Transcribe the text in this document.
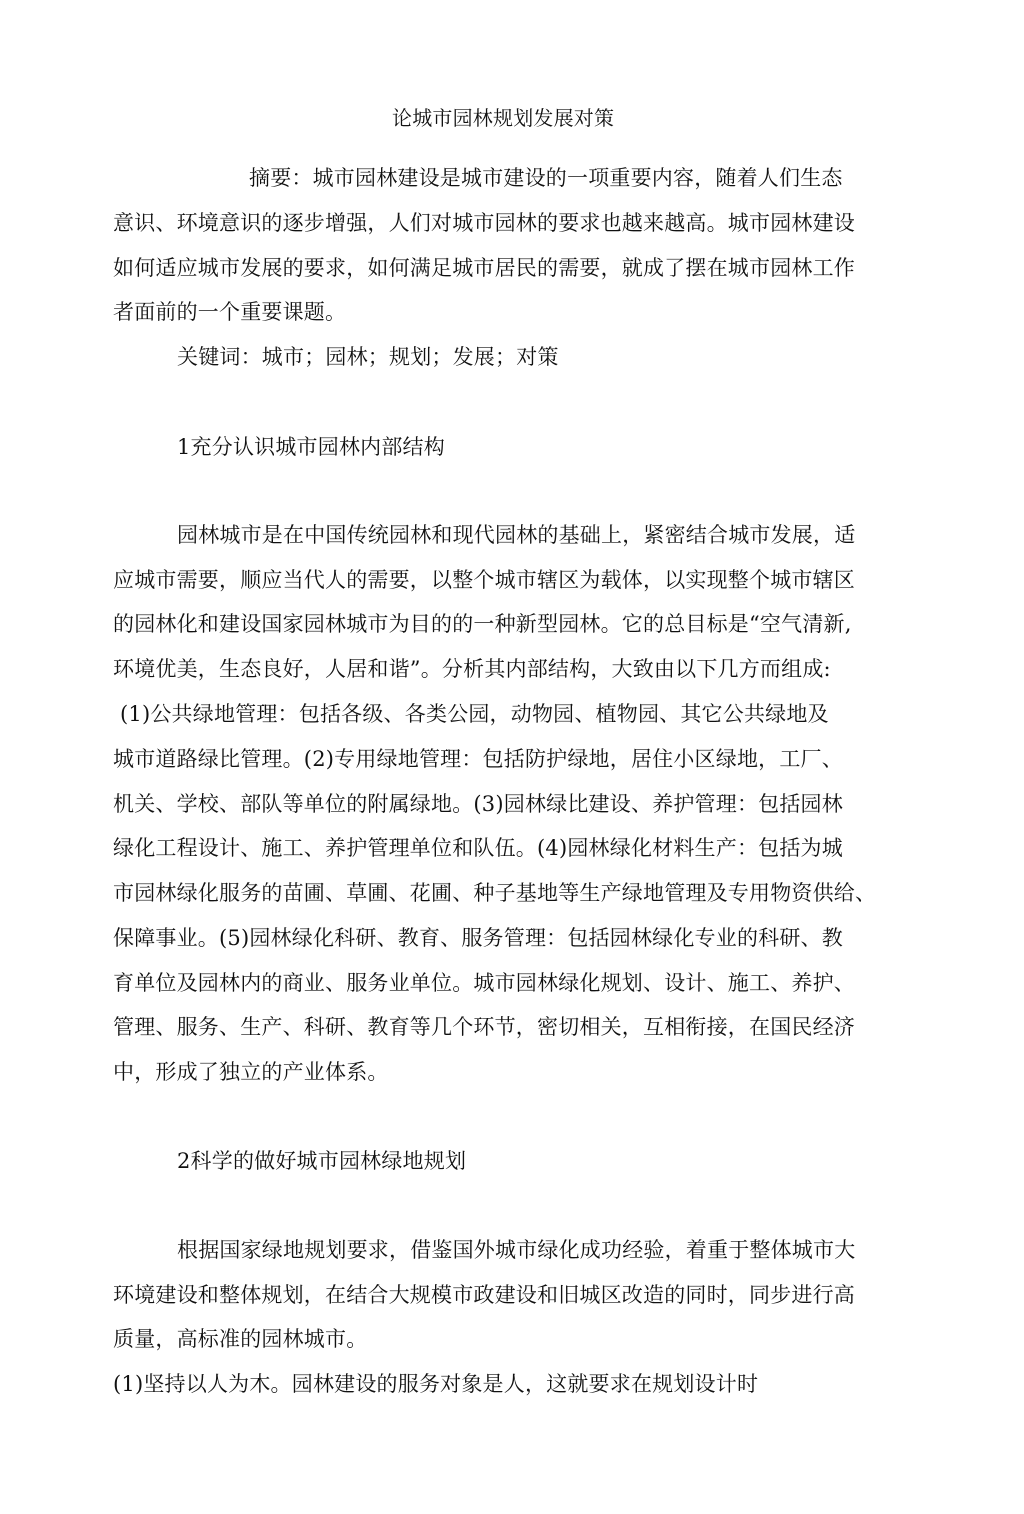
论城市园林规划发展对策
摘要：城市园林建设是城市建设的一项重要内容，随着人们生态
意识、环境意识的逐步增强，人们对城市园林的要求也越来越高。城市园林建设
如何适应城市发展的要求，如何满足城市居民的需要，就成了摆在城市园林工作
者面前的一个重要课题。
关键词：城市；园林；规划；发展；对策
1充分认识城市园林内部结构
园林城市是在中国传统园林和现代园林的基础上，紧密结合城市发展，适
应城市需要，顺应当代人的需要，以整个城市辖区为载体，以实现整个城市辖区
的园林化和建设国家园林城市为目的的一种新型园林。它的总目标是“空气清新,
环境优美，生态良好，人居和谐”。分析其内部结构，大致由以下几方而组成:
(1)公共绿地管理：包括各级、各类公园，动物园、植物园、其它公共绿地及
城市道路绿比管理。(2)专用绿地管理：包括防护绿地，居住小区绿地，工厂、
机关、学校、部队等单位的附属绿地。(3)园林绿比建设、养护管理：包括园林
绿化工程设计、施工、养护管理单位和队伍。(4)园林绿化材料生产：包括为城
市园林绿化服务的苗圃、草圃、花圃、种子基地等生产绿地管理及专用物资供给、
保障事业。(5)园林绿化科研、教育、服务管理：包括园林绿化专业的科研、教
育单位及园林内的商业、服务业单位。城市园林绿化规划、设计、施工、养护、
管理、服务、生产、科研、教育等几个环节，密切相关，互相衔接，在国民经济
中，形成了独立的产业体系。
2科学的做好城市园林绿地规划
根据国家绿地规划要求，借鉴国外城市绿化成功经验，着重于整体城市大
环境建设和整体规划，在结合大规模市政建设和旧城区改造的同时，同步进行高
质量，高标准的园林城市。
(1)坚持以人为木。园林建设的服务对象是人，这就要求在规划设计时
